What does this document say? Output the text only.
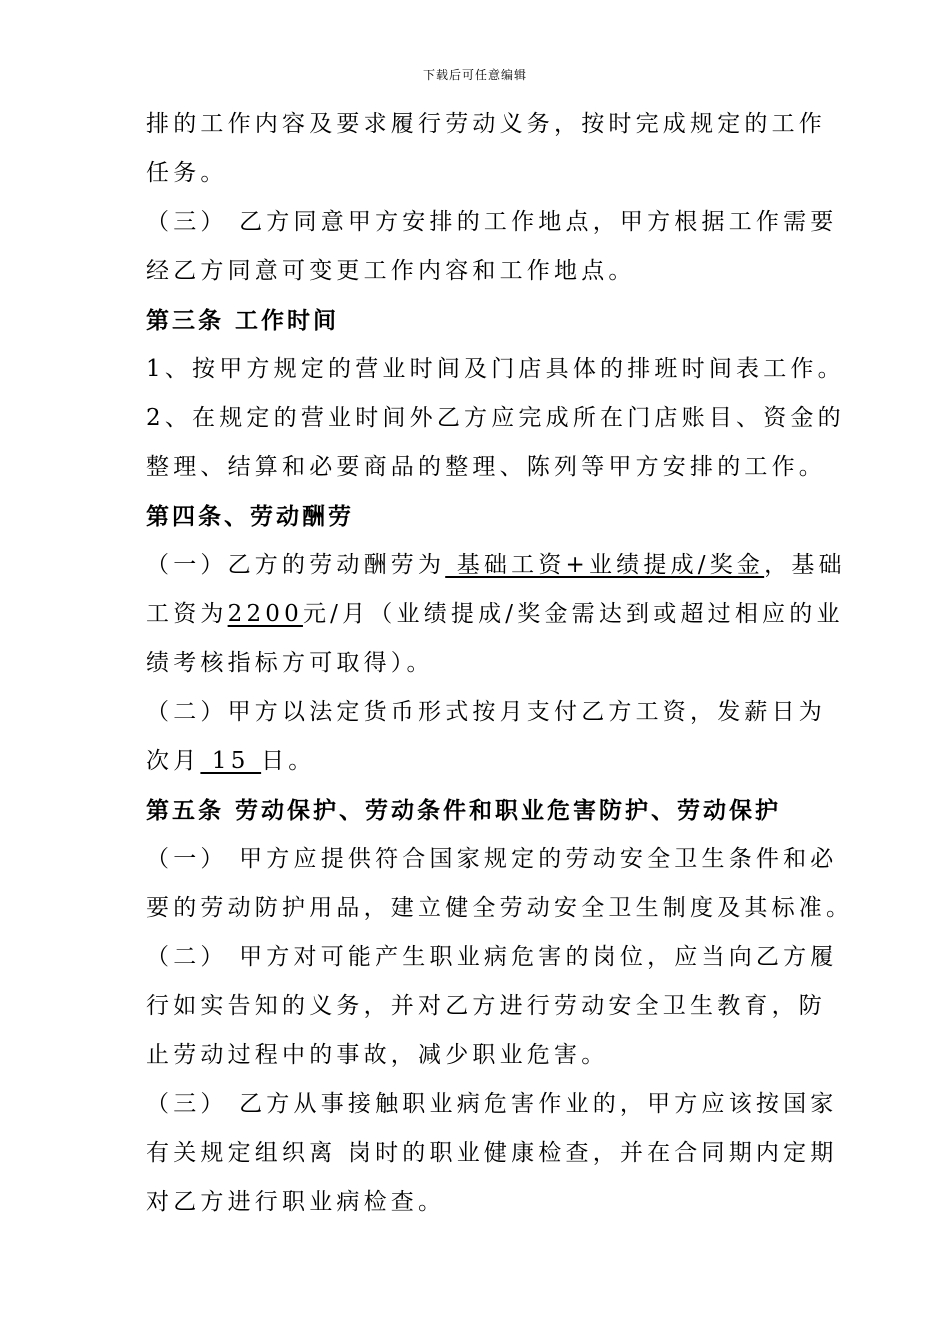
下载后可任意编辑
排的工作内容及要求履行劳动义务，按时完成规定的工作
任务。
（三） 乙方同意甲方安排的工作地点，甲方根据工作需要
经乙方同意可变更工作内容和工作地点。
第三条 工作时间
1、按甲方规定的营业时间及门店具体的排班时间表工作。
2、在规定的营业时间外乙方应完成所在门店账目、资金的
整理、结算和必要商品的整理、陈列等甲方安排的工作。
第四条、劳动酬劳
（一）乙方的劳动酬劳为 基础工资+业绩提成/奖金，基础
工资为2200元/月（业绩提成/奖金需达到或超过相应的业
绩考核指标方可取得）。
（二）甲方以法定货币形式按月支付乙方工资，发薪日为
次月 15 日。
第五条 劳动保护、劳动条件和职业危害防护、劳动保护
（一） 甲方应提供符合国家规定的劳动安全卫生条件和必
要的劳动防护用品，建立健全劳动安全卫生制度及其标准。
（二） 甲方对可能产生职业病危害的岗位，应当向乙方履
行如实告知的义务，并对乙方进行劳动安全卫生教育，防
止劳动过程中的事故，减少职业危害。
（三） 乙方从事接触职业病危害作业的，甲方应该按国家
有关规定组织离 岗时的职业健康检查，并在合同期内定期
对乙方进行职业病检查。
